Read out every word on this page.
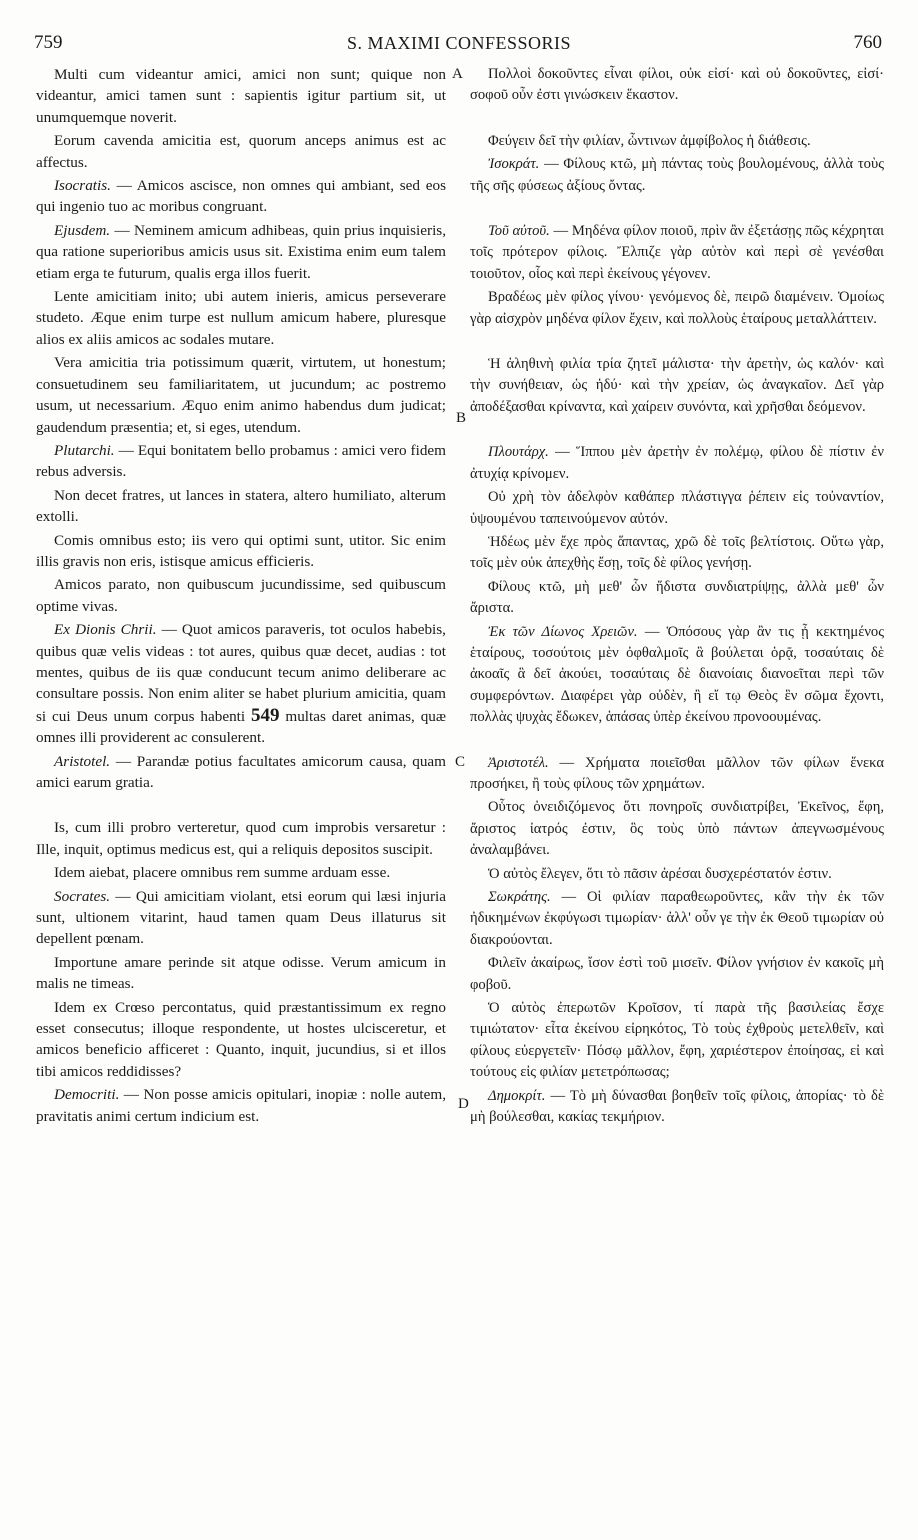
759	S. MAXIMI CONFESSORIS	760

Multi cum videantur amici, amici non sunt; quique non videantur, amici tamen sunt : sapientis igitur partium sit, ut unumquemque noverit.

Eorum cavenda amicitia est, quorum anceps animus est ac affectus.

Isocratis. — Amicos ascisce, non omnes qui ambiant, sed eos qui ingenio tuo ac moribus congruant.

Ejusdem. — Neminem amicum adhibeas, quin prius inquisieris, qua ratione superioribus amicis usus sit. Existima enim eum talem etiam erga te futurum, qualis erga illos fuerit.

Lente amicitiam inito; ubi autem inieris, amicus perseverare studeto. Æque enim turpe est nullum amicum habere, pluresque alios ex aliis amicos ac sodales mutare.

Vera amicitia tria potissimum quærit, virtutem, ut honestum; consuetudinem seu familiaritatem, ut jucundum; ac postremo usum, ut necessarium. Æquo enim animo habendus dum judicat; gaudendum præsentia; et, si eges, utendum.

Plutarchi. — Equi bonitatem bello probamus : amici vero fidem rebus adversis.

Non decet fratres, ut lances in statera, altero humiliato, alterum extolli.

Comis omnibus esto; iis vero qui optimi sunt, utitor. Sic enim illis gravis non eris, istisque amicus efficieris.

Amicos parato, non quibuscum jucundissime, sed quibuscum optime vivas.

Ex Dionis Chrii. — Quot amicos paraveris, tot oculos habebis, quibus quæ velis videas : tot aures, quibus quæ decet, audias : tot mentes, quibus de iis quæ conducunt tecum animo deliberare ac consultare possis. Non enim aliter se habet plurium amicitia, quam si cui Deus unum corpus habenti 549 multas daret animas, quæ omnes illi providerent ac consulerent.

Aristotel. — Parandæ potius facultates amicorum causa, quam amici earum gratia.

Is, cum illi probro verteretur, quod cum improbis versaretur : Ille, inquit, optimus medicus est, qui a reliquis depositos suscipit.

Idem aiebat, placere omnibus rem summe arduam esse.

Socrates. — Qui amicitiam violant, etsi eorum qui læsi injuria sunt, ultionem vitarint, haud tamen quam Deus illaturus sit depellent pœnam.

Importune amare perinde sit atque odisse. Verum amicum in malis ne timeas.

Idem ex Crœso percontatus, quid præstantissimum ex regno esset consecutus; illoque respondente, ut hostes ulcisceretur, et amicos beneficio afficeret : Quanto, inquit, jucundius, si et illos tibi amicos reddidisses?

Democriti. — Non posse amicis opitulari, inopiæ : nolle autem, pravitatis animi certum indicium est.

Πολλοὶ δοκοῦντες εἶναι φίλοι, οὐκ εἰσί· καὶ οὐ δοκοῦντες, εἰσί· σοφοῦ οὖν ἐστι γινώσκειν ἕκαστον.

Φεύγειν δεῖ τὴν φιλίαν, ὧντινων ἀμφίβολος ἡ διάθεσις.

Ἰσοκράτ. — Φίλους κτῶ, μὴ πάντας τοὺς βουλομένους, ἀλλὰ τοὺς τῆς σῆς φύσεως ἀξίους ὄντας.

Τοῦ αὐτοῦ. — Μηδένα φίλον ποιοῦ, πρὶν ἂν ἐξετάσῃς πῶς κέχρηται τοῖς πρότερον φίλοις. Ἔλπιζε γὰρ αὐτὸν καὶ περὶ σὲ γενέσθαι τοιοῦτον, οἷος καὶ περὶ ἐκείνους γέγονεν.

Βραδέως μὲν φίλος γίνου· γενόμενος δὲ, πειρῶ διαμένειν. Ὁμοίως γὰρ αἰσχρὸν μηδένα φίλον ἔχειν, καὶ πολλοὺς ἑταίρους μεταλλάττειν.

Ἡ ἀληθινὴ φιλία τρία ζητεῖ μάλιστα· τὴν ἀρετὴν, ὡς καλόν· καὶ τὴν συνήθειαν, ὡς ἡδύ· καὶ τὴν χρείαν, ὡς ἀναγκαῖον. Δεῖ γὰρ ἀποδέξασθαι κρίναντα, καὶ χαίρειν συνόντα, καὶ χρῆσθαι δεόμενον.

Πλουτάρχ. — Ἵππου μὲν ἀρετὴν ἐν πολέμῳ, φίλου δὲ πίστιν ἐν ἀτυχίᾳ κρίνομεν.

Οὐ χρὴ τὸν ἀδελφὸν καθάπερ πλάστιγγα ῥέπειν εἰς τοὐναντίον, ὑψουμένου ταπεινούμενον αὐτόν.

Ἡδέως μὲν ἔχε πρὸς ἅπαντας, χρῶ δὲ τοῖς βελτίστοις. Οὕτω γὰρ, τοῖς μὲν οὐκ ἀπεχθὴς ἔσῃ, τοῖς δὲ φίλος γενήσῃ.

Φίλους κτῶ, μὴ μεθ' ὧν ἥδιστα συνδιατρίψῃς, ἀλλὰ μεθ' ὧν ἄριστα.

Ἐκ τῶν Δίωνος Χρειῶν. — Ὁπόσους γὰρ ἂν τις ᾖ κεκτημένος ἑταίρους, τοσούτοις μὲν ὀφθαλμοῖς ἃ βούλεται ὁρᾷ, τοσαύταις δὲ ἀκοαῖς ἃ δεῖ ἀκούει, τοσαύταις δὲ διανοίαις διανοεῖται περὶ τῶν συμφερόντων. Διαφέρει γὰρ οὐδὲν, ἢ εἴ τῳ Θεὸς ἓν σῶμα ἔχοντι, πολλὰς ψυχὰς ἔδωκεν, ἁπάσας ὑπὲρ ἐκείνου προνοουμένας.

Ἀριστοτέλ. — Χρήματα ποιεῖσθαι μᾶλλον τῶν φίλων ἕνεκα προσήκει, ἢ τοὺς φίλους τῶν χρημάτων.

Οὗτος ὀνειδιζόμενος ὅτι πονηροῖς συνδιατρίβει, Ἐκεῖνος, ἔφη, ἄριστος ἰατρός ἐστιν, ὃς τοὺς ὑπὸ πάντων ἀπεγνωσμένους ἀναλαμβάνει.

Ὁ αὐτὸς ἔλεγεν, ὅτι τὸ πᾶσιν ἀρέσαι δυσχερέστατόν ἐστιν.

Σωκράτης. — Οἱ φιλίαν παραθεωροῦντες, κἂν τὴν ἐκ τῶν ἠδικημένων ἐκφύγωσι τιμωρίαν· ἀλλ' οὖν γε τὴν ἐκ Θεοῦ τιμωρίαν οὐ διακρούονται.

Φιλεῖν ἀκαίρως, ἴσον ἐστὶ τοῦ μισεῖν. Φίλον γνήσιον ἐν κακοῖς μὴ φοβοῦ.

Ὁ αὐτὸς ἐπερωτῶν Κροῖσον, τί παρὰ τῆς βασιλείας ἔσχε τιμιώτατον· εἶτα ἐκείνου εἰρηκότος, Τὸ τοὺς ἐχθροὺς μετελθεῖν, καὶ φίλους εὐεργετεῖν· Πόσῳ μᾶλλον, ἔφη, χαριέστερον ἐποίησας, εἰ καὶ τούτους εἰς φιλίαν μετετρόπωσας;

Δημοκρίτ. — Τὸ μὴ δύνασθαι βοηθεῖν τοῖς φίλοις, ἀπορίας· τὸ δὲ μὴ βούλεσθαι, κακίας τεκμήριον.

A
B
C
D
